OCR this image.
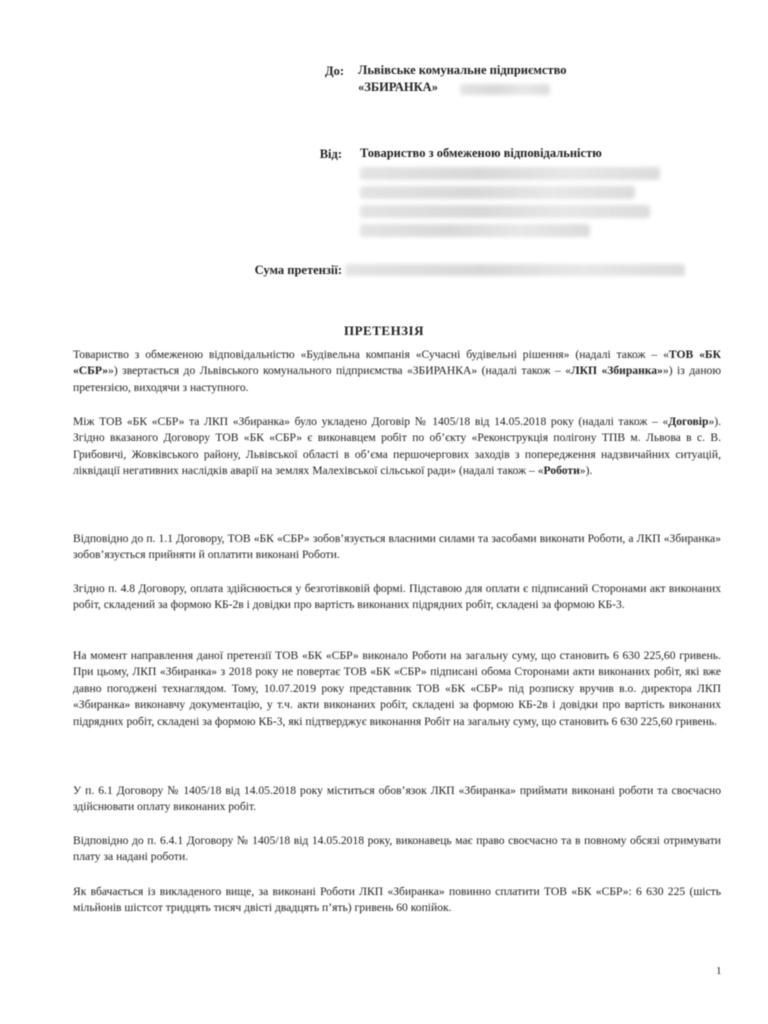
До: Львівське комунальне підприємство
«ЗБИРАНКА»
Від: Товариство з обмеженою відповідальністю
Сума претензії:
ПРЕТЕНЗІЯ
Товариство з обмеженою відповідальністю «Будівельна компанія «Сучасні будівельні рішення» (надалі також – «ТОВ «БК «СБР»») звертається до Львівського комунального підприємства «ЗБИРАНКА» (надалі також – «ЛКП «Збиранка»») із даною претензією, виходячи з наступного.
Між ТОВ «БК «СБР» та ЛКП «Збиранка» було укладено Договір № 1405/18 від 14.05.2018 року (надалі також – «Договір»). Згідно вказаного Договору ТОВ «БК «СБР» є виконавцем робіт по об’єкту «Реконструкція полігону ТПВ м. Львова в с. В. Грибовичі, Жовківського району, Львівської області в об’єма першочергових заходів з попередження надзвичайних ситуацій, ліквідації негативних наслідків аварії на землях Малехівської сільської ради» (надалі також – «Роботи»).
Відповідно до п. 1.1 Договору, ТОВ «БК «СБР» зобов’язується власними силами та засобами виконати Роботи, а ЛКП «Збиранка» зобов’язується прийняти й оплатити виконані Роботи.
Згідно п. 4.8 Договору, оплата здійснюється у безготівковій формі. Підставою для оплати є підписаний Сторонами акт виконаних робіт, складений за формою КБ-2в і довідки про вартість виконаних підрядних робіт, складені за формою КБ-3.
На момент направлення даної претензії ТОВ «БК «СБР» виконало Роботи на загальну суму, що становить 6 630 225,60 гривень. При цьому, ЛКП «Збиранка» з 2018 року не повертає ТОВ «БК «СБР» підписані обома Сторонами акти виконаних робіт, які вже давно погоджені технаглядом. Тому, 10.07.2019 року представник ТОВ «БК «СБР» під розписку вручив в.о. директора ЛКП «Збиранка» виконавчу документацію, у т.ч. акти виконаних робіт, складені за формою КБ-2в і довідки про вартість виконаних підрядних робіт, складені за формою КБ-3, які підтверджує виконання Робіт на загальну суму, що становить 6 630 225,60 гривень.
У п. 6.1 Договору № 1405/18 від 14.05.2018 року міститься обов’язок ЛКП «Збиранка» приймати виконані роботи та своєчасно здійснювати оплату виконаних робіт.
Відповідно до п. 6.4.1 Договору № 1405/18 від 14.05.2018 року, виконавець має право своєчасно та в повному обсязі отримувати плату за надані роботи.
Як вбачається із викладеного вище, за виконані Роботи ЛКП «Збиранка» повинно сплатити ТОВ «БК «СБР»: 6 630 225 (шість мільйонів шістсот тридцять тисяч двісті двадцять п’ять) гривень 60 копійок.
1
